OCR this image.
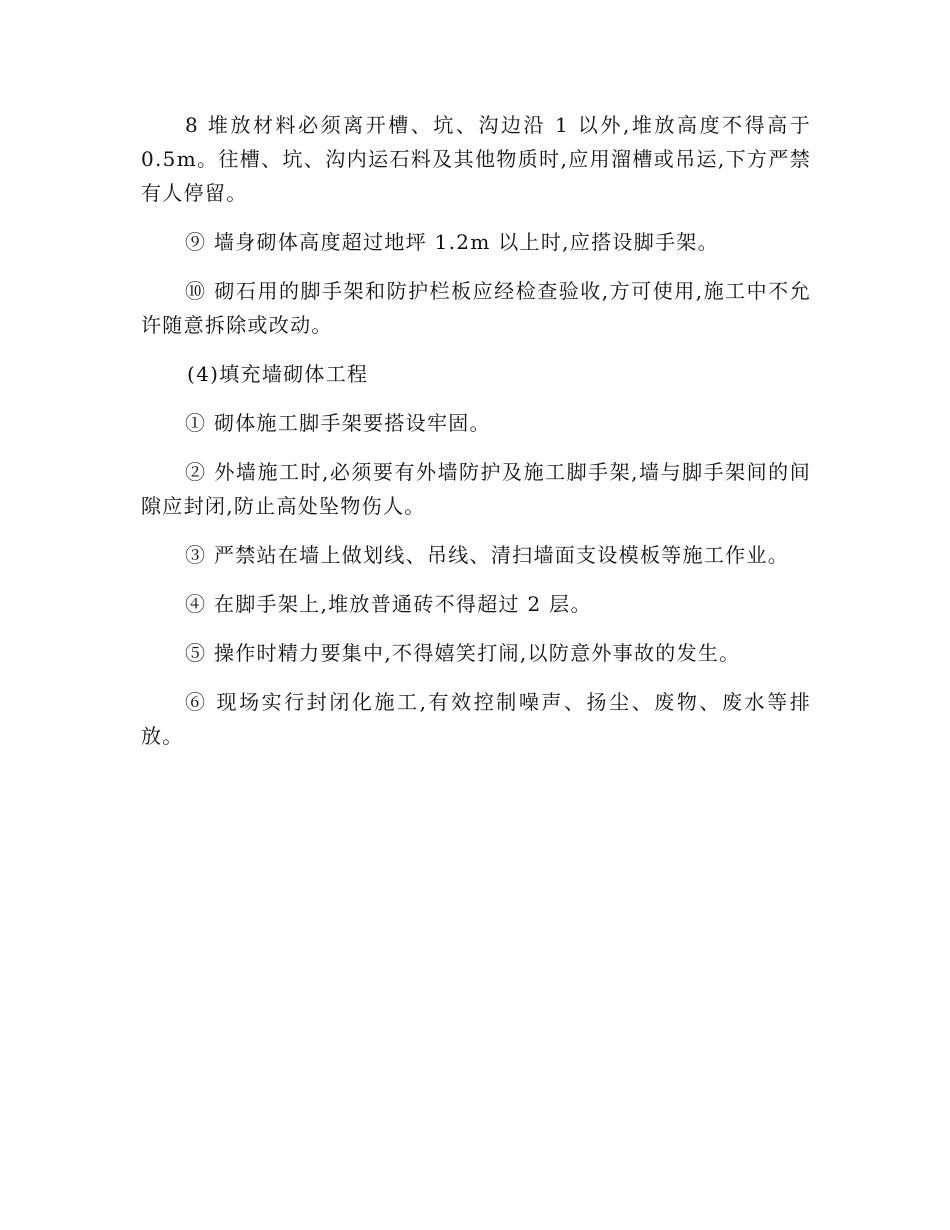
8 堆放材料必须离开槽、坑、沟边沿 1 以外,堆放高度不得高于 0.5m。往槽、坑、沟内运石料及其他物质时,应用溜槽或吊运,下方严禁有人停留。

⑨ 墙身砌体高度超过地坪 1.2m 以上时,应搭设脚手架。

⑩ 砌石用的脚手架和防护栏板应经检查验收,方可使用,施工中不允许随意拆除或改动。

(4)填充墙砌体工程

① 砌体施工脚手架要搭设牢固。

② 外墙施工时,必须要有外墙防护及施工脚手架,墙与脚手架间的间隙应封闭,防止高处坠物伤人。

③ 严禁站在墙上做划线、吊线、清扫墙面支设模板等施工作业。

④ 在脚手架上,堆放普通砖不得超过 2 层。

⑤ 操作时精力要集中,不得嬉笑打闹,以防意外事故的发生。

⑥ 现场实行封闭化施工,有效控制噪声、扬尘、废物、废水等排放。
